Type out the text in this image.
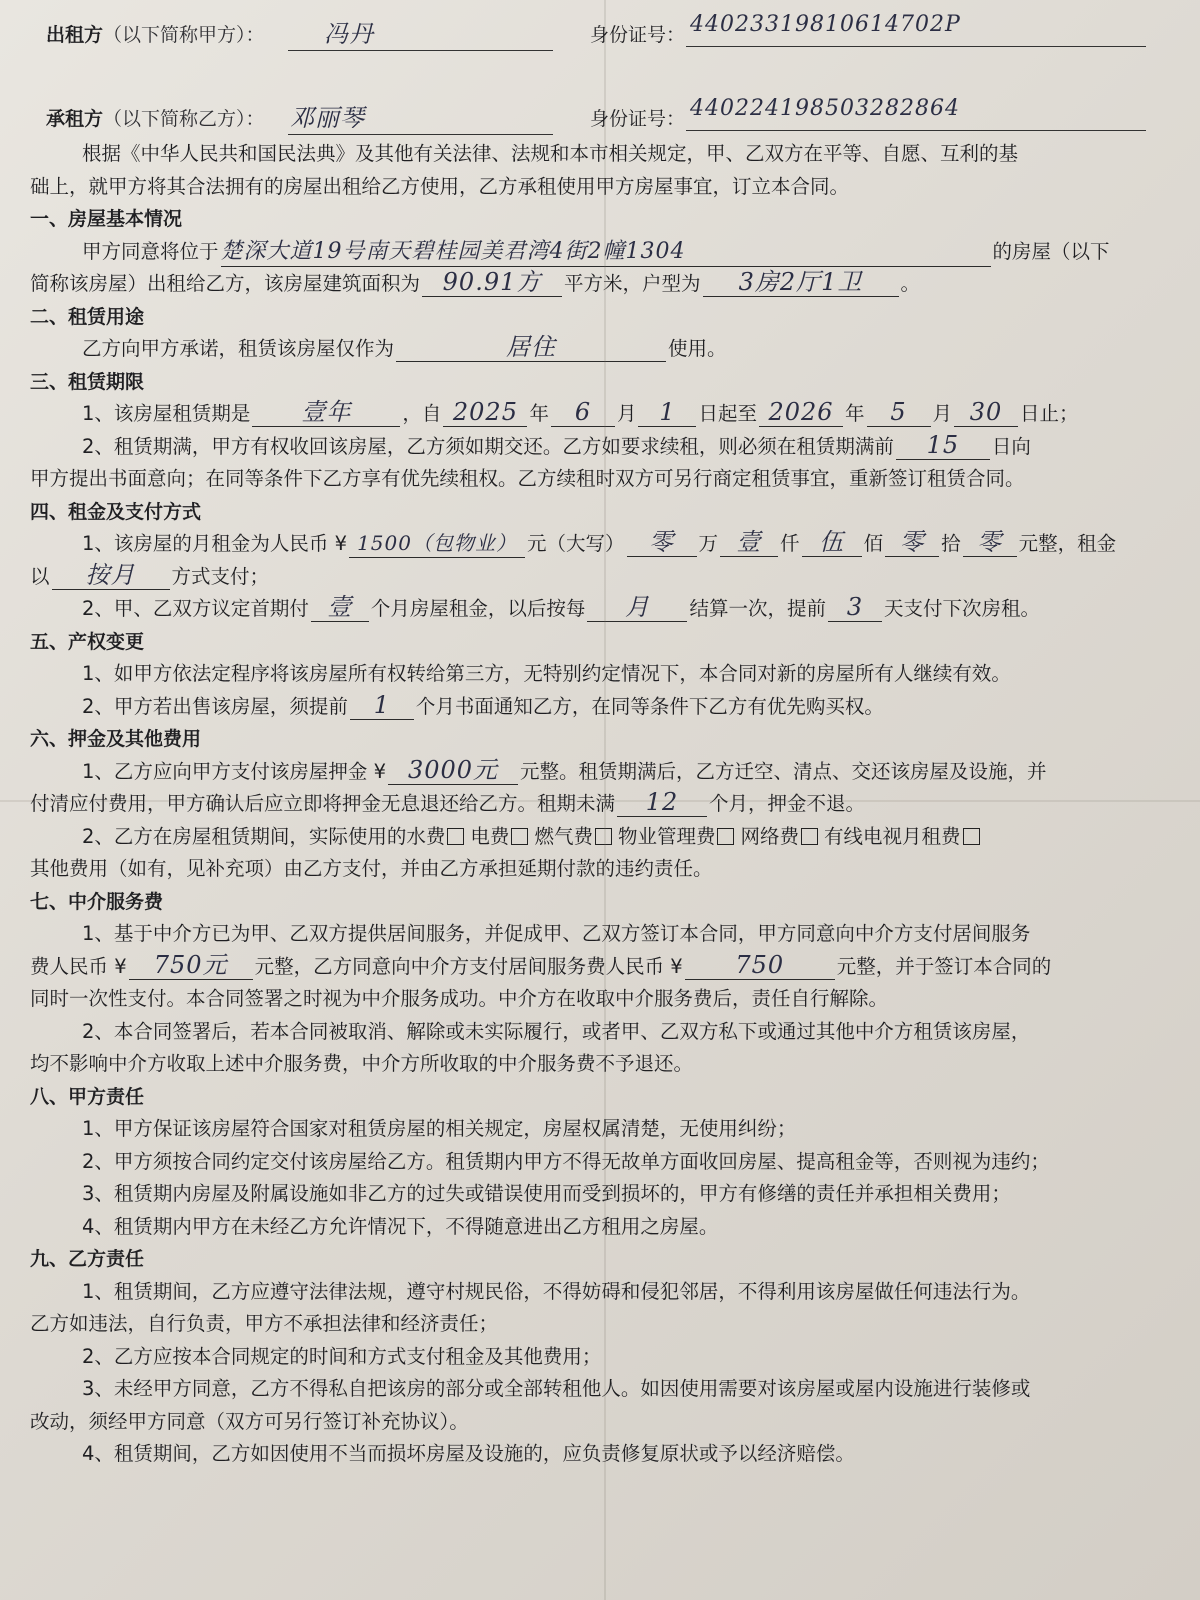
出租方（以下简称甲方）： 冯丹	身份证号： 44023319810614702P
承租方（以下简称乙方）： 邓丽琴	身份证号： 440224198503282864
根据《中华人民共和国民法典》及其他有关法律、法规和本市相关规定，甲、乙双方在平等、自愿、互利的基
础上，就甲方将其合法拥有的房屋出租给乙方使用，乙方承租使用甲方房屋事宜，订立本合同。
一、房屋基本情况
甲方同意将位于楚深大道19号南天碧桂园美君湾4街2幢1304	的房屋（以下
简称该房屋）出租给乙方，该房屋建筑面积为 90.91方 平方米，户型为 3房2厅1卫 。
二、租赁用途
乙方向甲方承诺，租赁该房屋仅作为	居住	使用。
三、租赁期限
1、该房屋租赁期是 壹年	，自 2025 年 6 月 1 日起至 2026 年 5 月 30 日止；
2、租赁期满，甲方有权收回该房屋，乙方须如期交还。乙方如要求续租，则必须在租赁期满前 15 日向
甲方提出书面意向；在同等条件下乙方享有优先续租权。乙方续租时双方可另行商定租赁事宜，重新签订租赁合同。
四、租金及支付方式
1、该房屋的月租金为人民币 ¥ 1500（包物业） 元（大写） 零 万 壹 仟 伍 佰 零 拾 零 元整，租金
以 按月 方式支付；
2、甲、乙双方议定首期付 壹 个月房屋租金，以后按每 月 结算一次，提前 3 天支付下次房租。
五、产权变更
1、如甲方依法定程序将该房屋所有权转给第三方，无特别约定情况下，本合同对新的房屋所有人继续有效。
2、甲方若出售该房屋，须提前 1 个月书面通知乙方，在同等条件下乙方有优先购买权。
六、押金及其他费用
1、乙方应向甲方支付该房屋押金 ¥ 3000元 元整。租赁期满后，乙方迁空、清点、交还该房屋及设施，并
付清应付费用，甲方确认后应立即将押金无息退还给乙方。租期未满 12 个月，押金不退。
2、乙方在房屋租赁期间，实际使用的水费 电费 燃气费 物业管理费 网络费 有线电视月租费
其他费用（如有，见补充项）由乙方支付，并由乙方承担延期付款的违约责任。
七、中介服务费
1、基于中介方已为甲、乙双方提供居间服务，并促成甲、乙双方签订本合同，甲方同意向中介方支付居间服务
费人民币 ¥ 750元 元整，乙方同意向中介方支付居间服务费人民币 ¥ 750	元整，并于签订本合同的
同时一次性支付。本合同签署之时视为中介服务成功。中介方在收取中介服务费后，责任自行解除。
2、本合同签署后，若本合同被取消、解除或未实际履行，或者甲、乙双方私下或通过其他中介方租赁该房屋，
均不影响中介方收取上述中介服务费，中介方所收取的中介服务费不予退还。
八、甲方责任
1、甲方保证该房屋符合国家对租赁房屋的相关规定，房屋权属清楚，无使用纠纷；
2、甲方须按合同约定交付该房屋给乙方。租赁期内甲方不得无故单方面收回房屋、提高租金等，否则视为违约；
3、租赁期内房屋及附属设施如非乙方的过失或错误使用而受到损坏的，甲方有修缮的责任并承担相关费用；
4、租赁期内甲方在未经乙方允许情况下，不得随意进出乙方租用之房屋。
九、乙方责任
1、租赁期间，乙方应遵守法律法规，遵守村规民俗，不得妨碍和侵犯邻居，不得利用该房屋做任何违法行为。
乙方如违法，自行负责，甲方不承担法律和经济责任；
2、乙方应按本合同规定的时间和方式支付租金及其他费用；
3、未经甲方同意，乙方不得私自把该房的部分或全部转租他人。如因使用需要对该房屋或屋内设施进行装修或
改动，须经甲方同意（双方可另行签订补充协议）。
4、租赁期间，乙方如因使用不当而损坏房屋及设施的，应负责修复原状或予以经济赔偿。
